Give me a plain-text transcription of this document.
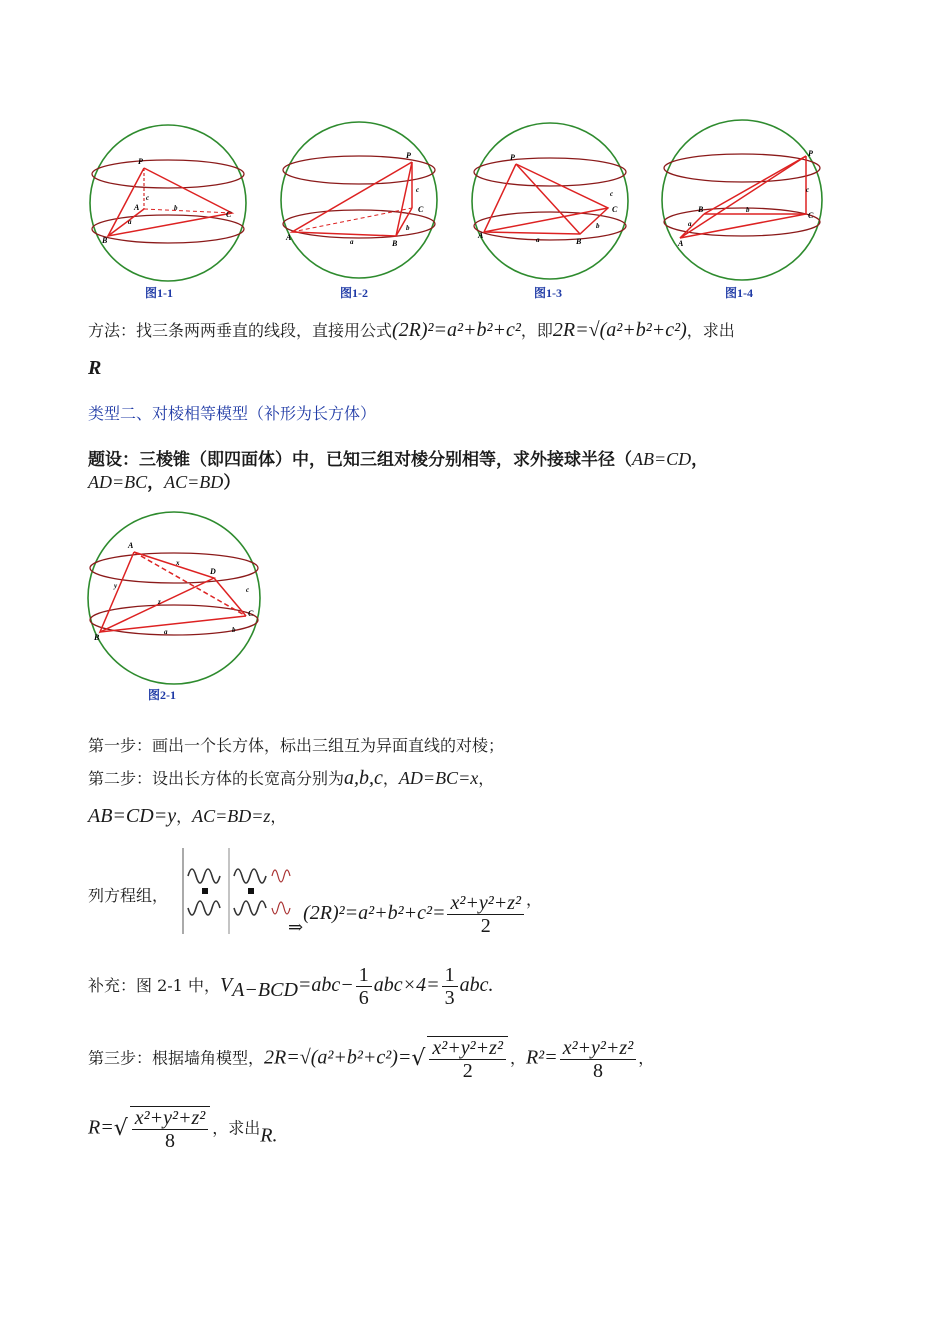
P
A
B
C
c
a
b
图1-1
P
A
B
C
c
a
b
图1-2
P
A
B
C
c
a
b
图1-3
P
A
B
C
c
a
b
图1-4
方法：找三条两两垂直的线段，直接用公式(2R)²=a²+b²+c²，即2R=√(a²+b²+c²)，求出
R
类型二、对棱相等模型（补形为长方体）
题设：三棱锥（即四面体）中，已知三组对棱分别相等，求外接球半径（AB=CD，
AD=BC，AC=BD）
A
B
C
D
x
y
z
c
a	b
图2-1
第一步：画出一个长方体，标出三组互为异面直线的对棱；
第二步：设出长方体的长宽高分别为a,b,c，AD=BC=x，
AB=CD=y，AC=BD=z，
列方程组，
⇒(2R)²=a²+b²+c²= $\frac{\text{x²+y²+z²}}{2}$ ，
补充：图 2-1 中，$V_{A-BCD}=abc- \frac{1}{6} abc\times 4= \frac{1}{3}$ abc.
第三步：根据墙角模型，$2R=√(a^2+b^2+c^2)=√ \frac{\text{x²+y²+z²}}{2}$ ，$R^2= \frac{\text{x²+y²+z²}}{8}$ ，
$R=√ \frac{\text{x²+y²+z²}}{8}$ ，求出R.
